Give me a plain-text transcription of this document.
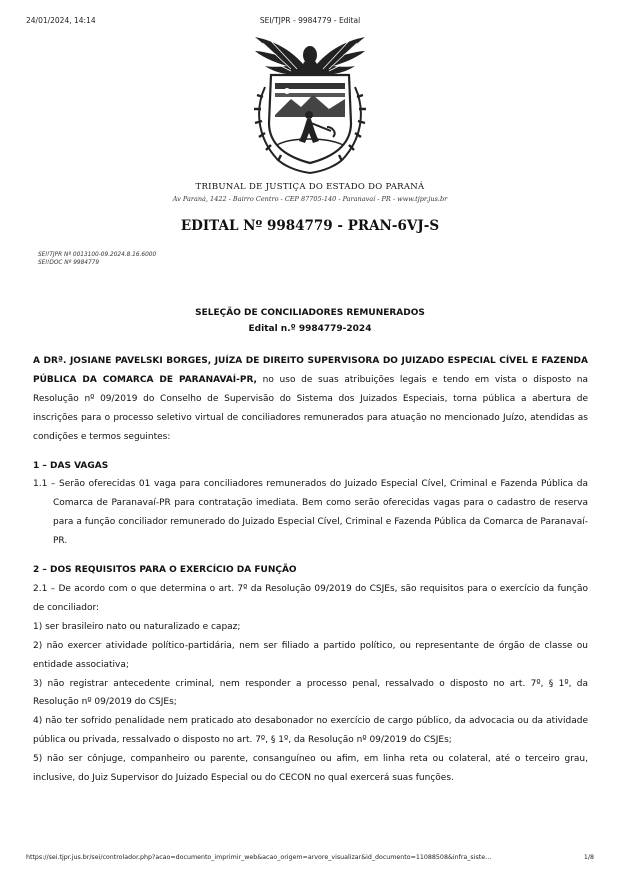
24/01/2024, 14:14	SEI/TJPR - 9984779 - Edital
TRIBUNAL DE JUSTIÇA DO ESTADO DO PARANÁ
Av Paraná, 1422 - Bairro Centro - CEP 87705-140 - Paranavaí - PR - www.tjpr.jus.br
EDITAL Nº 9984779 - PRAN-6VJ-S
SEI!TJPR Nº 0013100-09.2024.8.16.6000
SEI!DOC Nº 9984779
SELEÇÃO DE CONCILIADORES REMUNERADOS
Edital n.º 9984779-2024

A DRª. JOSIANE PAVELSKI BORGES, JUÍZA DE DIREITO SUPERVISORA DO JUIZADO ESPECIAL CÍVEL E FAZENDA PÚBLICA DA COMARCA DE PARANAVAÍ-PR, no uso de suas atribuições legais e tendo em vista o disposto na Resolução nº 09/2019 do Conselho de Supervisão do Sistema dos Juizados Especiais, torna pública a abertura de inscrições para o processo seletivo virtual de conciliadores remunerados para atuação no mencionado Juízo, atendidas as condições e termos seguintes:

1 – DAS VAGAS

1.1 – Serão oferecidas 01 vaga para conciliadores remunerados do Juizado Especial Cível, Criminal e Fazenda Pública da Comarca de Paranavaí-PR para contratação imediata. Bem como serão oferecidas vagas para o cadastro de reserva para a função conciliador remunerado do Juizado Especial Cível, Criminal e Fazenda Pública da Comarca de Paranavaí-PR.

2 – DOS REQUISITOS PARA O EXERCÍCIO DA FUNÇÃO

2.1 – De acordo com o que determina o art. 7º da Resolução 09/2019 do CSJEs, são requisitos para o exercício da função de conciliador:

1) ser brasileiro nato ou naturalizado e capaz;

2) não exercer atividade político-partidária, nem ser filiado a partido político, ou representante de órgão de classe ou entidade associativa;

3) não registrar antecedente criminal, nem responder a processo penal, ressalvado o disposto no art. 7º, § 1º, da Resolução nº 09/2019 do CSJEs;

4) não ter sofrido penalidade nem praticado ato desabonador no exercício de cargo público, da advocacia ou da atividade pública ou privada, ressalvado o disposto no art. 7º, § 1º, da Resolução nº 09/2019 do CSJEs;

5) não ser cônjuge, companheiro ou parente, consanguíneo ou afim, em linha reta ou colateral, até o terceiro grau, inclusive, do Juiz Supervisor do Juizado Especial ou do CECON no qual exercerá suas funções.

https://sei.tjpr.jus.br/sei/controlador.php?acao=documento_imprimir_web&acao_origem=arvore_visualizar&id_documento=11088508&infra_siste…	1/8
